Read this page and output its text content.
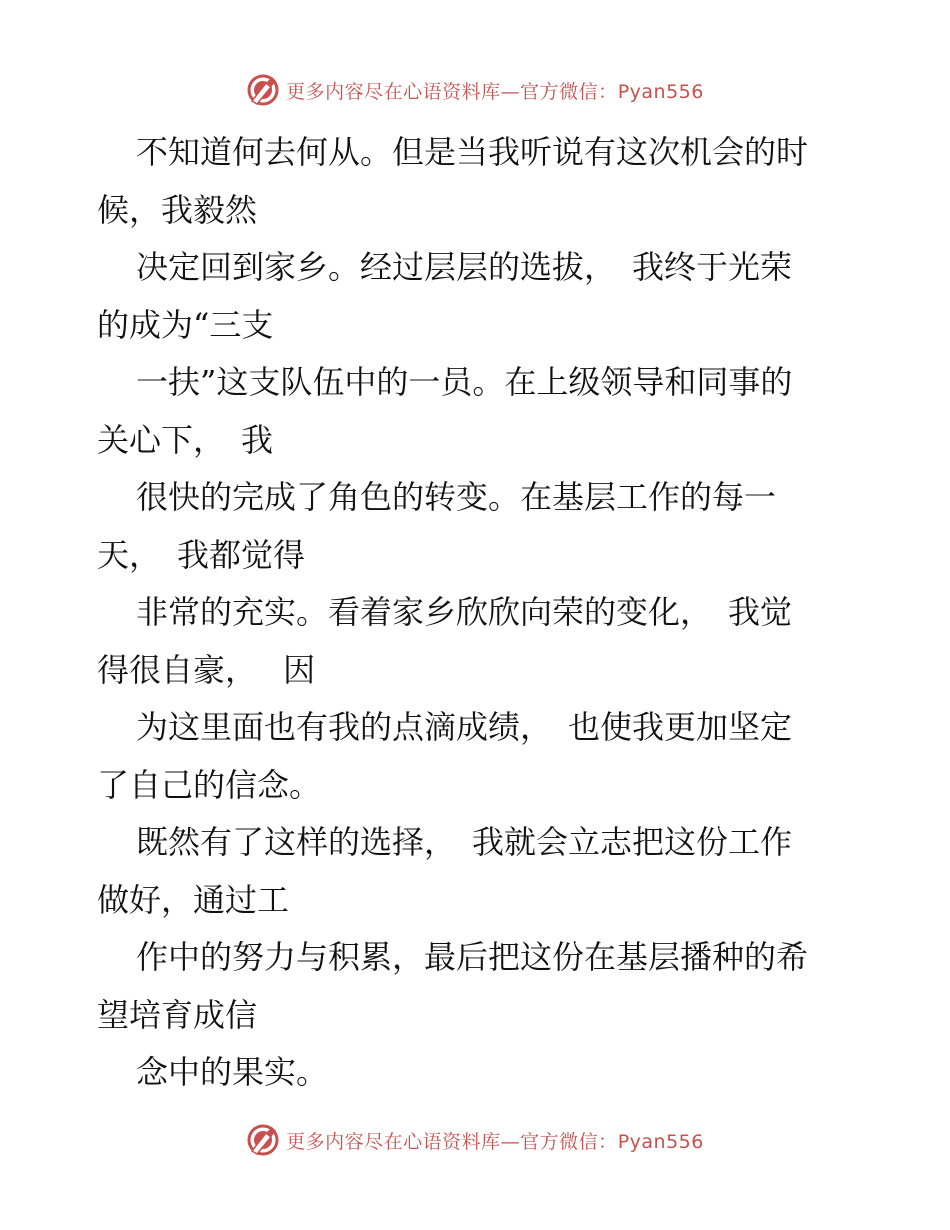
更多内容尽在心语资料库—官方微信：Pyan556
不知道何去何从。但是当我听说有这次机会的时
候，我毅然
决定回到家乡。经过层层的选拔，　我终于光荣
的成为“三支
一扶”这支队伍中的一员。在上级领导和同事的
关心下，　我
很快的完成了角色的转变。在基层工作的每一
天，　我都觉得
非常的充实。看着家乡欣欣向荣的变化，　我觉
得很自豪，　 因
为这里面也有我的点滴成绩，　也使我更加坚定
了自己的信念。
既然有了这样的选择，　我就会立志把这份工作
做好，通过工
作中的努力与积累，最后把这份在基层播种的希
望培育成信
念中的果实。
更多内容尽在心语资料库—官方微信：Pyan556
